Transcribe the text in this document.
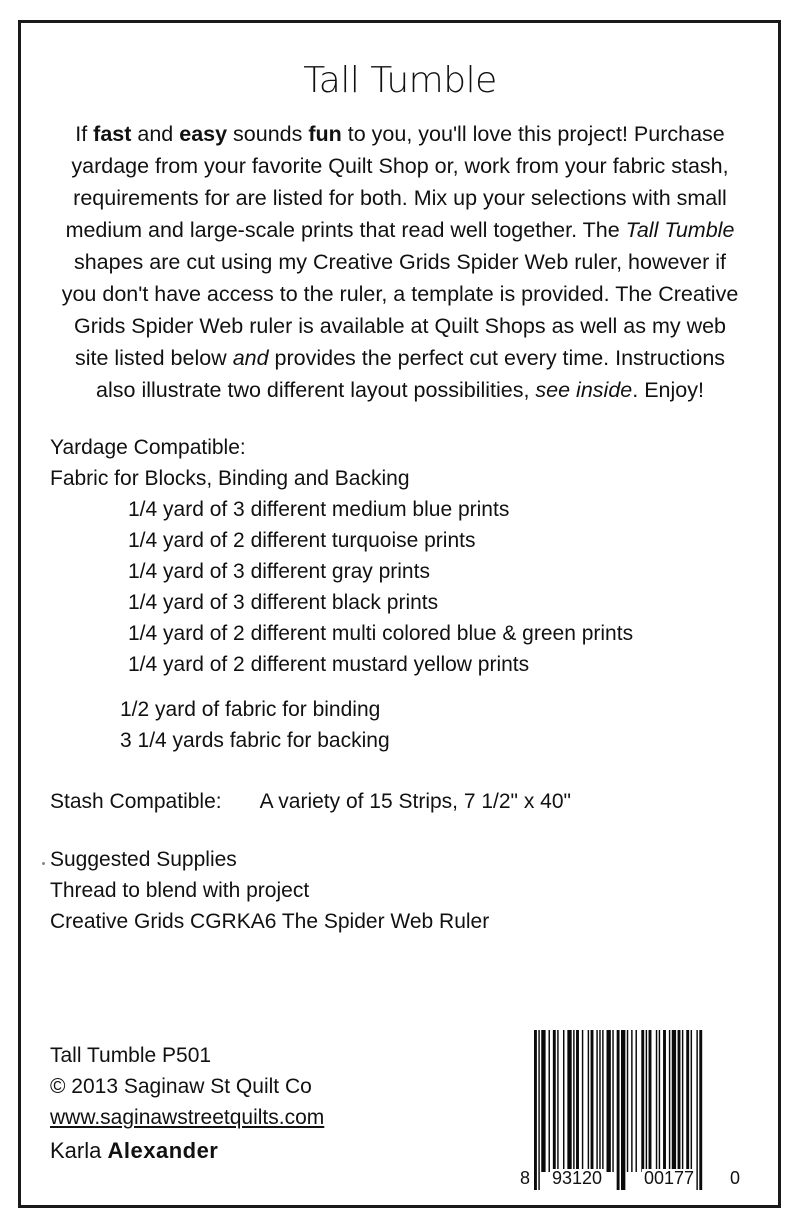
Tall Tumble
If fast and easy sounds fun to you, you'll love this project! Purchase yardage from your favorite Quilt Shop or, work from your fabric stash, requirements for are listed for both. Mix up your selections with small medium and large-scale prints that read well together. The Tall Tumble shapes are cut using my Creative Grids Spider Web ruler, however if you don't have access to the ruler, a template is provided. The Creative Grids Spider Web ruler is available at Quilt Shops as well as my web site listed below and provides the perfect cut every time. Instructions also illustrate two different layout possibilities, see inside. Enjoy!
Yardage Compatible:
Fabric for Blocks, Binding and Backing
1/4 yard of 3 different medium blue prints
1/4 yard of 2 different turquoise prints
1/4 yard of 3 different gray prints
1/4 yard of 3 different black prints
1/4 yard of 2 different multi colored blue & green prints
1/4 yard of 2 different mustard yellow prints
1/2 yard of fabric for binding
3 1/4 yards fabric for backing
Stash Compatible: A variety of 15 Strips, 7 1/2" x 40"
Suggested Supplies
Thread to blend with project
Creative Grids CGRKA6 The Spider Web Ruler
Tall Tumble P501
© 2013 Saginaw St Quilt Co
www.saginawstreetquilts.com
Karla Alexander
8 93120 00177 0
